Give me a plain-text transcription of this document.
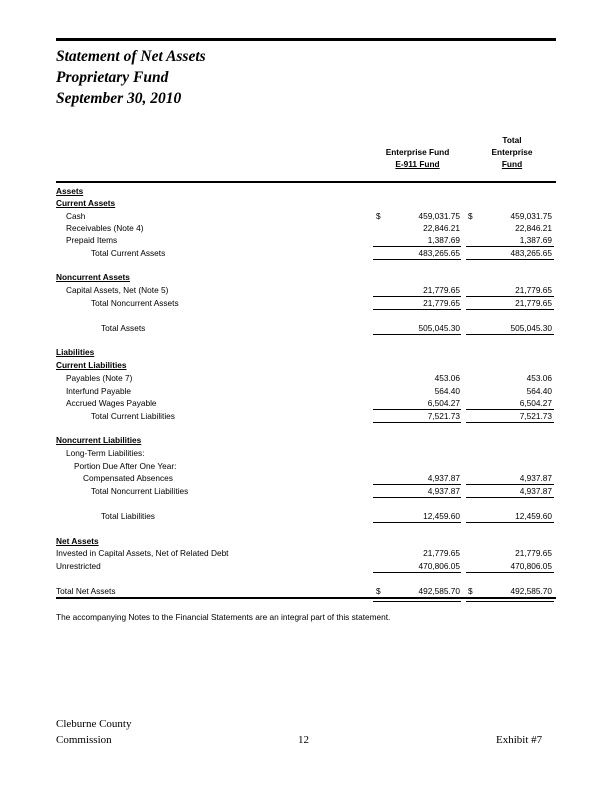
Statement of Net Assets
Proprietary Fund
September 30, 2010
Total
Enterprise
Fund
Enterprise Fund
E-911 Fund
Assets
Current Assets
Cash	$	459,031.75 $	459,031.75
Receivables (Note 4)	22,846.21	22,846.21
Prepaid Items	1,387.69	1,387.69
Total Current Assets	483,265.65	483,265.65
Noncurrent Assets
Capital Assets, Net (Note 5)	21,779.65	21,779.65
Total Noncurrent Assets	21,779.65	21,779.65
Total Assets	505,045.30	505,045.30
Liabilities
Current Liabilities
Payables (Note 7)	453.06	453.06
Interfund Payable	564.40	564.40
Accrued Wages Payable	6,504.27	6,504.27
Total Current Liabilities	7,521.73	7,521.73
Noncurrent Liabilities
Long-Term Liabilities:
Portion Due After One Year:
Compensated Absences	4,937.87	4,937.87
Total Noncurrent Liabilities	4,937.87	4,937.87
Total Liabilities	12,459.60	12,459.60
Net Assets
Invested in Capital Assets, Net of Related Debt	21,779.65	21,779.65
Unrestricted	470,806.05	470,806.05
Total Net Assets	$	492,585.70 $	492,585.70
The accompanying Notes to the Financial Statements are an integral part of this statement.
Cleburne County
Commission	12	Exhibit #7
